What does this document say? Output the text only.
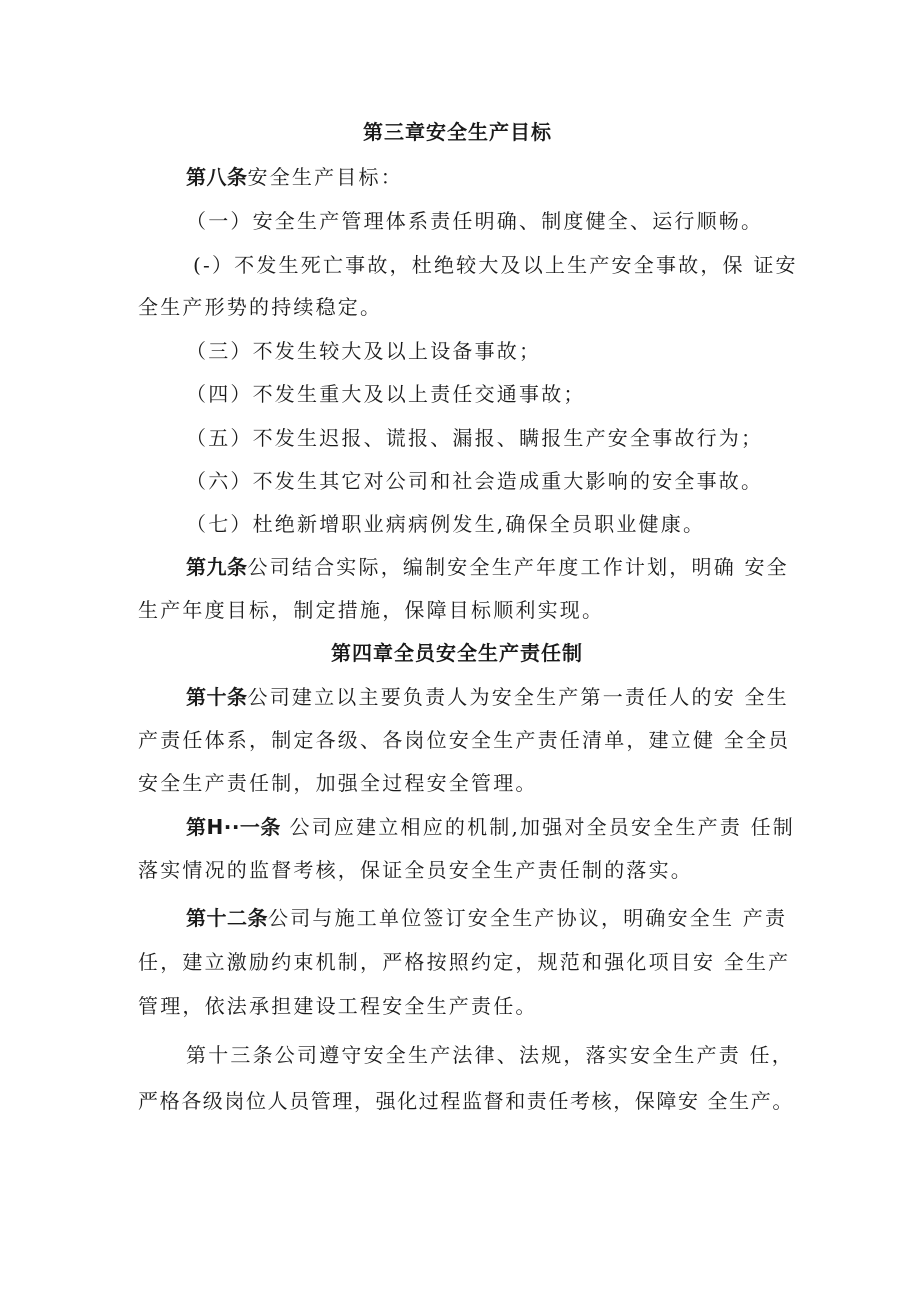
第三章安全生产目标
第八条安全生产目标：
（一）安全生产管理体系责任明确、制度健全、运行顺畅。
(-）不发生死亡事故，杜绝较大及以上生产安全事故，保 证安
全生产形势的持续稳定。
（三）不发生较大及以上设备事故；
（四）不发生重大及以上责任交通事故；
（五）不发生迟报、谎报、漏报、瞒报生产安全事故行为；
（六）不发生其它对公司和社会造成重大影响的安全事故。
（七）杜绝新增职业病病例发生,确保全员职业健康。
第九条公司结合实际，编制安全生产年度工作计划，明确 安全
生产年度目标，制定措施，保障目标顺利实现。
第四章全员安全生产责任制
第十条公司建立以主要负责人为安全生产第一责任人的安 全生
产责任体系，制定各级、各岗位安全生产责任清单，建立健 全全员
安全生产责任制，加强全过程安全管理。
第H··一条 公司应建立相应的机制,加强对全员安全生产责 任制
落实情况的监督考核，保证全员安全生产责任制的落实。
第十二条公司与施工单位签订安全生产协议，明确安全生 产责
任，建立激励约束机制，严格按照约定，规范和强化项目安 全生产
管理，依法承担建设工程安全生产责任。
第十三条公司遵守安全生产法律、法规，落实安全生产责 任，
严格各级岗位人员管理，强化过程监督和责任考核，保障安 全生产。
